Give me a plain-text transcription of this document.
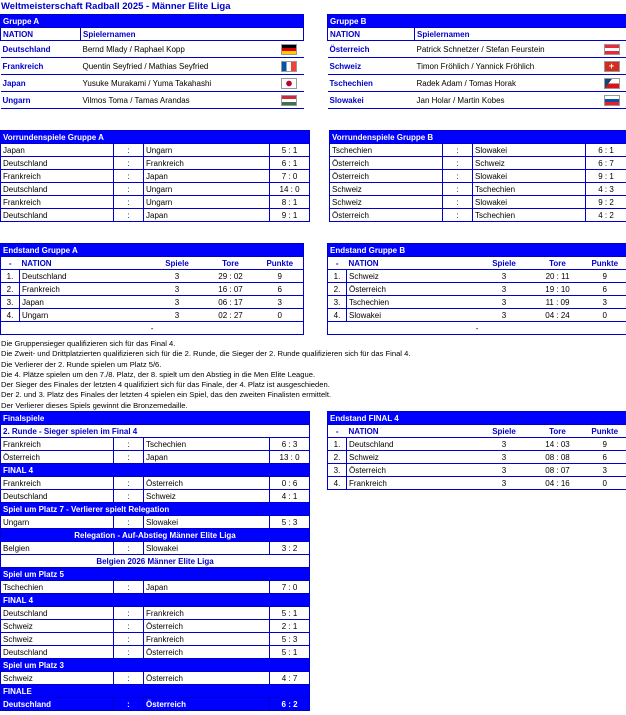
Weltmeisterschaft Radball 2025 - Männer Elite Liga
Gruppe A		
NATION	Spielernamen	
Deutschland	Bernd Mlady / Raphael Kopp	
Frankreich	Quentin Seyfried / Mathias Seyfried	
Japan	Yusuke Murakami / Yuma Takahashi	
Ungarn	Vilmos Toma / Tamas Arandas	
Gruppe B		
NATION	Spielernamen	
Österreich	Patrick Schnetzer / Stefan Feurstein	
Schweiz	Timon Fröhlich / Yannick Fröhlich	+
Tschechien	Radek Adam / Tomas Horak	
Slowakei	Jan Holar / Martin Kobes	
Vorrundenspiele Gruppe A			
Japan	:	Ungarn	5 : 1
Deutschland	:	Frankreich	6 : 1
Frankreich	:	Japan	7 : 0
Deutschland	:	Ungarn	14 : 0
Frankreich	:	Ungarn	8 : 1
Deutschland	:	Japan	9 : 1
Vorrundenspiele Gruppe B			
Tschechien	:	Slowakei	6 : 1
Österreich	:	Schweiz	6 : 7
Österreich	:	Slowakei	9 : 1
Schweiz	:	Tschechien	4 : 3
Schweiz	:	Slowakei	9 : 2
Österreich	:	Tschechien	4 : 2
Endstand Gruppe A				
-	NATION	Spiele	Tore	Punkte
1.	Deutschland	3	29 : 02	9
2.	Frankreich	3	16 : 07	6
3.	Japan	3	06 : 17	3
4.	Ungarn	3	02 : 27	0
-				
Endstand Gruppe B				
-	NATION	Spiele	Tore	Punkte
1.	Schweiz	3	20 : 11	9
2.	Österreich	3	19 : 10	6
3.	Tschechien	3	11 : 09	3
4.	Slowakei	3	04 : 24	0
-				
Die Gruppensieger qualifizieren sich für das Final 4.
Die Zweit- und Drittplatzierten qualifizieren sich für die 2. Runde, die Sieger der 2. Runde qualifizieren sich für das Final 4.
Die Verlierer der 2. Runde spielen um Platz 5/6.
Die 4. Plätze spielen um den 7./8. Platz, der 8. spielt um den Abstieg in die Men Elite League.
Der Sieger des Finales der letzten 4 qualifiziert sich für das Finale, der 4. Platz ist ausgeschieden.
Der 2. und 3. Platz des Finales der letzten 4 spielen ein Spiel, das den zweiten Finalisten ermittelt.
Der Verlierer dieses Spiels gewinnt die Bronzemedaille.
Finalspiele			
2. Runde - Sieger spielen im Final 4			
Frankreich	:	Tschechien	6 : 3
Österreich	:	Japan	13 : 0
FINAL 4			
Frankreich	:	Österreich	0 : 6
Deutschland	:	Schweiz	4 : 1
Spiel um Platz 7 - Verlierer spielt Relegation			
Ungarn	:	Slowakei	5 : 3
Relegation - Auf-Abstieg Männer Elite Liga			
Belgien	:	Slowakei	3 : 2
Belgien 2026 Männer Elite Liga			
Spiel um Platz 5			
Tschechien	:	Japan	7 : 0
FINAL 4			
Deutschland	:	Frankreich	5 : 1
Schweiz	:	Österreich	2 : 1
Schweiz	:	Frankreich	5 : 3
Deutschland	:	Österreich	5 : 1
Spiel um Platz 3			
Schweiz	:	Österreich	4 : 7
FINALE			
Deutschland	:	Österreich	6 : 2
Endstand FINAL 4				
-	NATION	Spiele	Tore	Punkte
1.	Deutschland	3	14 : 03	9
2.	Schweiz	3	08 : 08	6
3.	Österreich	3	08 : 07	3
4.	Frankreich	3	04 : 16	0
